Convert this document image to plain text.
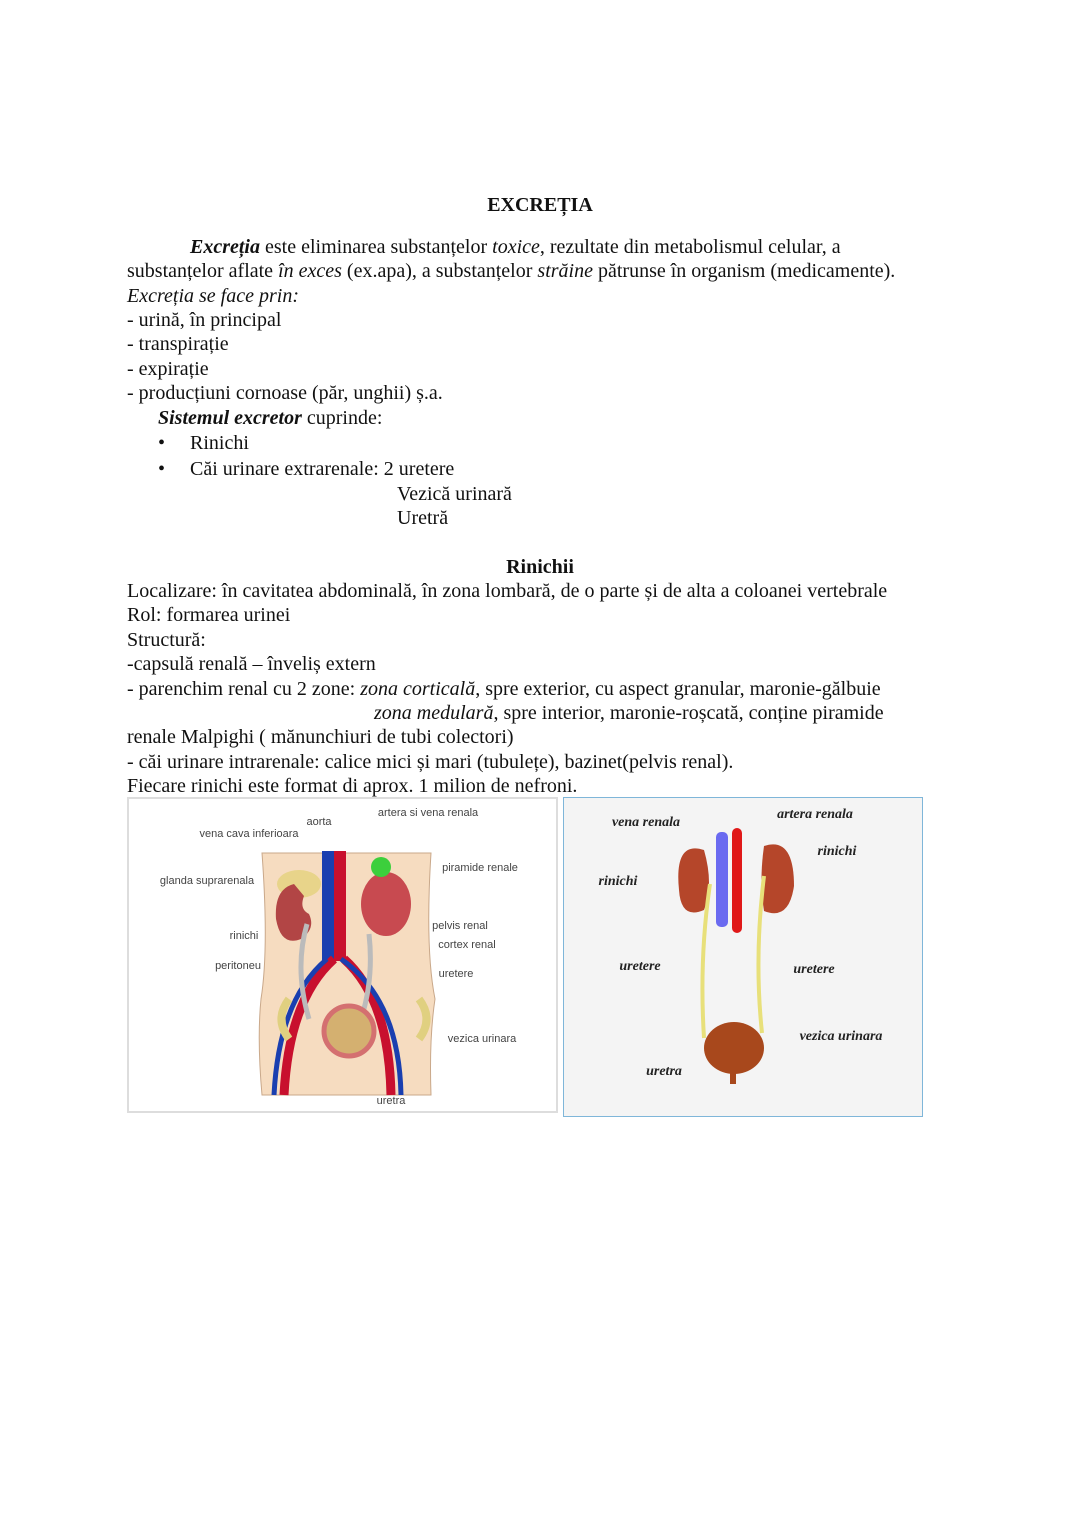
EXCREȚIA
Excreția este eliminarea substanțelor toxice, rezultate din metabolismul celular, a
substanțelor aflate în exces (ex.apa), a substanțelor străine pătrunse în organism (medicamente).
Excreția se face prin:
- urină, în principal
- transpirație
- expirație
- producțiuni cornoase (păr, unghii) ș.a.
Sistemul excretor cuprinde:
• Rinichi
• Căi urinare extrarenale: 2 uretere
Vezică urinară
Uretră
Rinichii
Localizare: în cavitatea abdominală, în zona lombară, de o parte și de alta a coloanei vertebrale
Rol: formarea urinei
Structură:
-capsulă renală – înveliș extern
- parenchim renal cu 2 zone: zona corticală, spre exterior, cu aspect granular, maronie-gălbuie
zona medulară, spre interior, maronie-roșcată, conține piramide
renale Malpighi ( mănunchiuri de tubi colectori)
- căi urinare intrarenale: calice mici și mari (tubulețe), bazinet(pelvis renal).
Fiecare rinichi este format di aprox. 1 milion de nefroni.
aorta
vena cava inferioara
artera si vena renala
glanda suprarenala
piramide renale
pelvis renal
cortex renal
rinichi
peritoneu
uretere
vezica urinara
uretra
vena renala
artera renala
rinichi
rinichi
uretere	uretere
vezica urinara
uretra
